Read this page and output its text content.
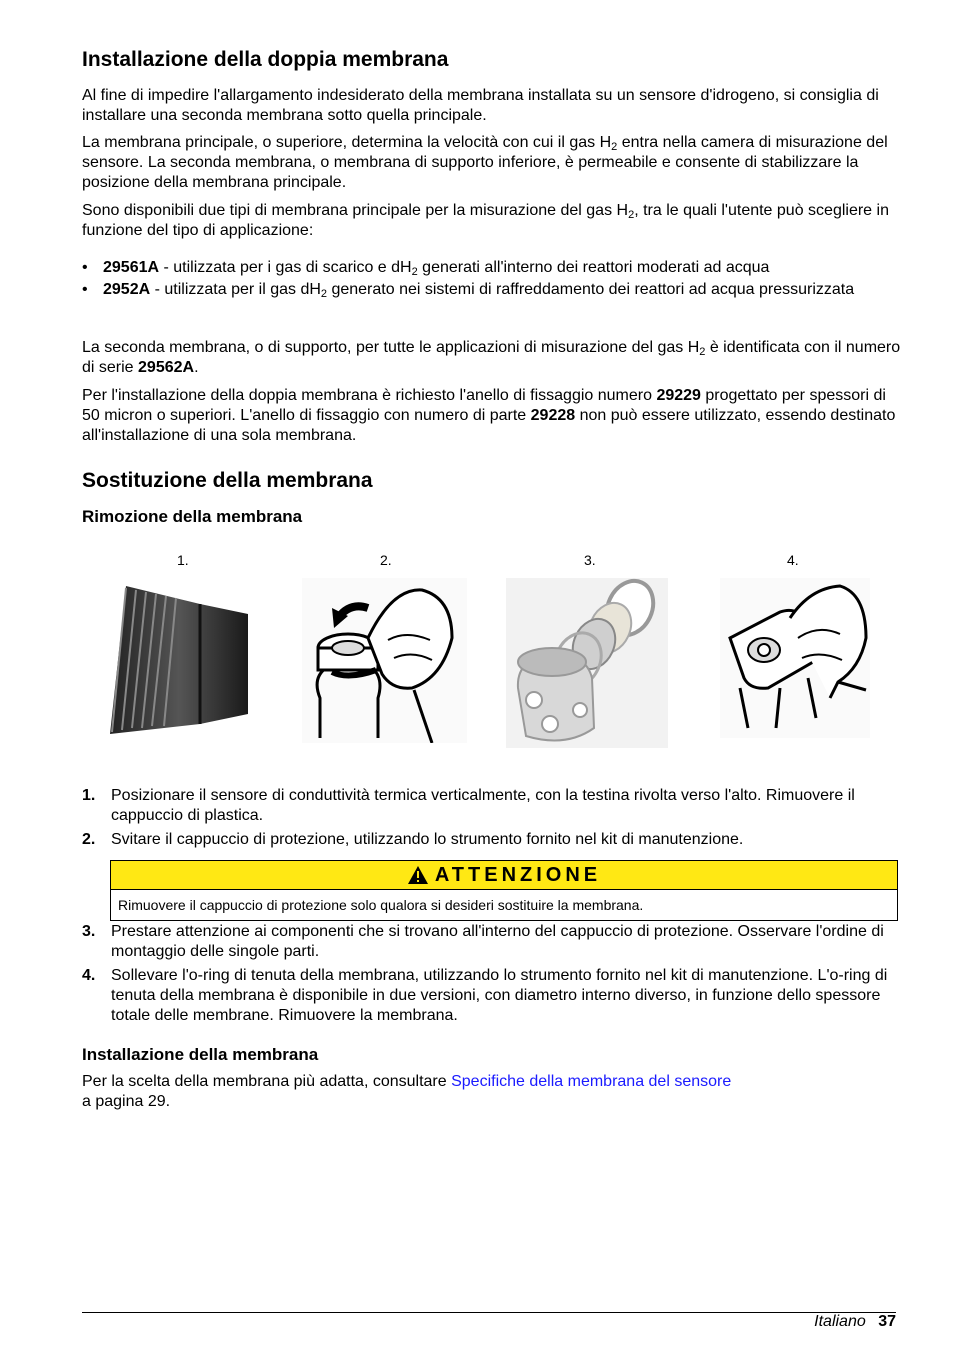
Installazione della doppia membrana

Al fine di impedire l'allargamento indesiderato della membrana installata su un sensore d'idrogeno, si consiglia di installare una seconda membrana sotto quella principale.

La membrana principale, o superiore, determina la velocità con cui il gas $H_2$ entra nella camera di misurazione del sensore. La seconda membrana, o membrana di supporto inferiore, è permeabile e consente di stabilizzare la posizione della membrana principale.

Sono disponibili due tipi di membrana principale per la misurazione del gas $H_2$, tra le quali l'utente può scegliere in funzione del tipo di applicazione:

• 29561A - utilizzata per i gas di scarico e $dH_2$ generati all'interno dei reattori moderati ad acqua
• 2952A - utilizzata per il gas $dH_2$ generato nei sistemi di raffreddamento dei reattori ad acqua pressurizzata

La seconda membrana, o di supporto, per tutte le applicazioni di misurazione del gas $H_2$ è identificata con il numero di serie 29562A.

Per l'installazione della doppia membrana è richiesto l'anello di fissaggio numero 29229 progettato per spessori di 50 micron o superiori. L'anello di fissaggio con numero di parte 29228 non può essere utilizzato, essendo destinato all'installazione di una sola membrana.

Sostituzione della membrana
Rimozione della membrana
1.	2.	3.	4.
1. Posizionare il sensore di conduttività termica verticalmente, con la testina rivolta verso l'alto. Rimuovere il cappuccio di plastica.
2. Svitare il cappuccio di protezione, utilizzando lo strumento fornito nel kit di manutenzione.
ATTENZIONE
Rimuovere il cappuccio di protezione solo qualora si desideri sostituire la membrana.
3. Prestare attenzione ai componenti che si trovano all'interno del cappuccio di protezione. Osservare l'ordine di montaggio delle singole parti.
4. Sollevare l'o-ring di tenuta della membrana, utilizzando lo strumento fornito nel kit di manutenzione. L'o-ring di tenuta della membrana è disponibile in due versioni, con diametro interno diverso, in funzione dello spessore totale delle membrane. Rimuovere la membrana.
Installazione della membrana

Per la scelta della membrana più adatta, consultare Specifiche della membrana del sensore
a pagina 29.

Italiano 37
